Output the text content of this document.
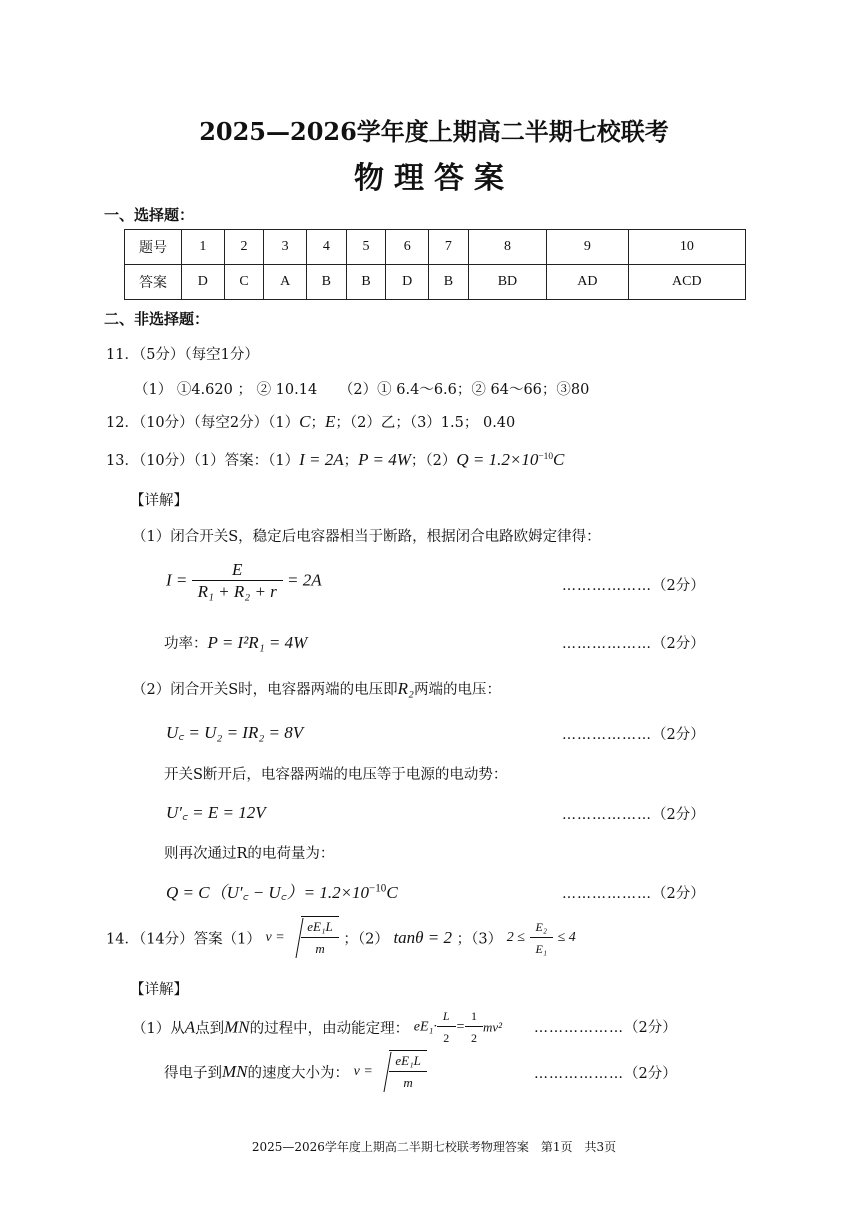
2025—2026学年度上期高二半期七校联考
物理答案
一、选择题：
题号	1	2	3	4	5	6	7	8	9	10
答案	D	C	A	B	B	D	B	BD	AD	ACD
二、非选择题：
11．（5分）（每空1分）
（1） ①4.620 ； ② 10.14　　（2）① 6.4～6.6；② 64～66；③80
12．（10分）（每空2分）（1）C；E；（2）乙；（3）1.5； 0.40
13．（10分）（1）答案：（1）I = 2A；P = 4W；$(2)Q = 1.2\times 10^{-10}C$
【详解】
（1）闭合开关S，稳定后电容器相当于断路，根据闭合电路欧姆定律得：
$I = \frac{E}{\text{R₁ + R₂ + r}} = 2A$	………………（2分）
功率：P = I²R₁ = 4W	………………（2分）
（2）闭合开关S时，电容器两端的电压即R₂两端的电压：
U꜀ = U₂ = IR₂ = 8V	………………（2分）
开关S断开后，电容器两端的电压等于电源的电动势：
U′꜀ = E = 12V	………………（2分）
则再次通过R的电荷量为：
Q = C（U′꜀ − U꜀）= $1.2\times 10^{-10}C$	………………（2分）
14．（14分）答案（1） $v = \frac{\text{eE₁L}}{m}$ ；（2） tanθ = 2 ；（3） $2 \le \frac{\text{E₂}}{\text{E₁}} \le 4$
【详解】
（1）从A点到MN的过程中，由动能定理： $eE_1\cdot \frac{L}{2} = \frac{1}{2} mv^2$ ………………（2分）
得电子到MN的速度大小为： $v = \frac{\text{eE₁L}}{m}$	………………（2分）
2025—2026学年度上期高二半期七校联考物理答案　第1页　共3页
